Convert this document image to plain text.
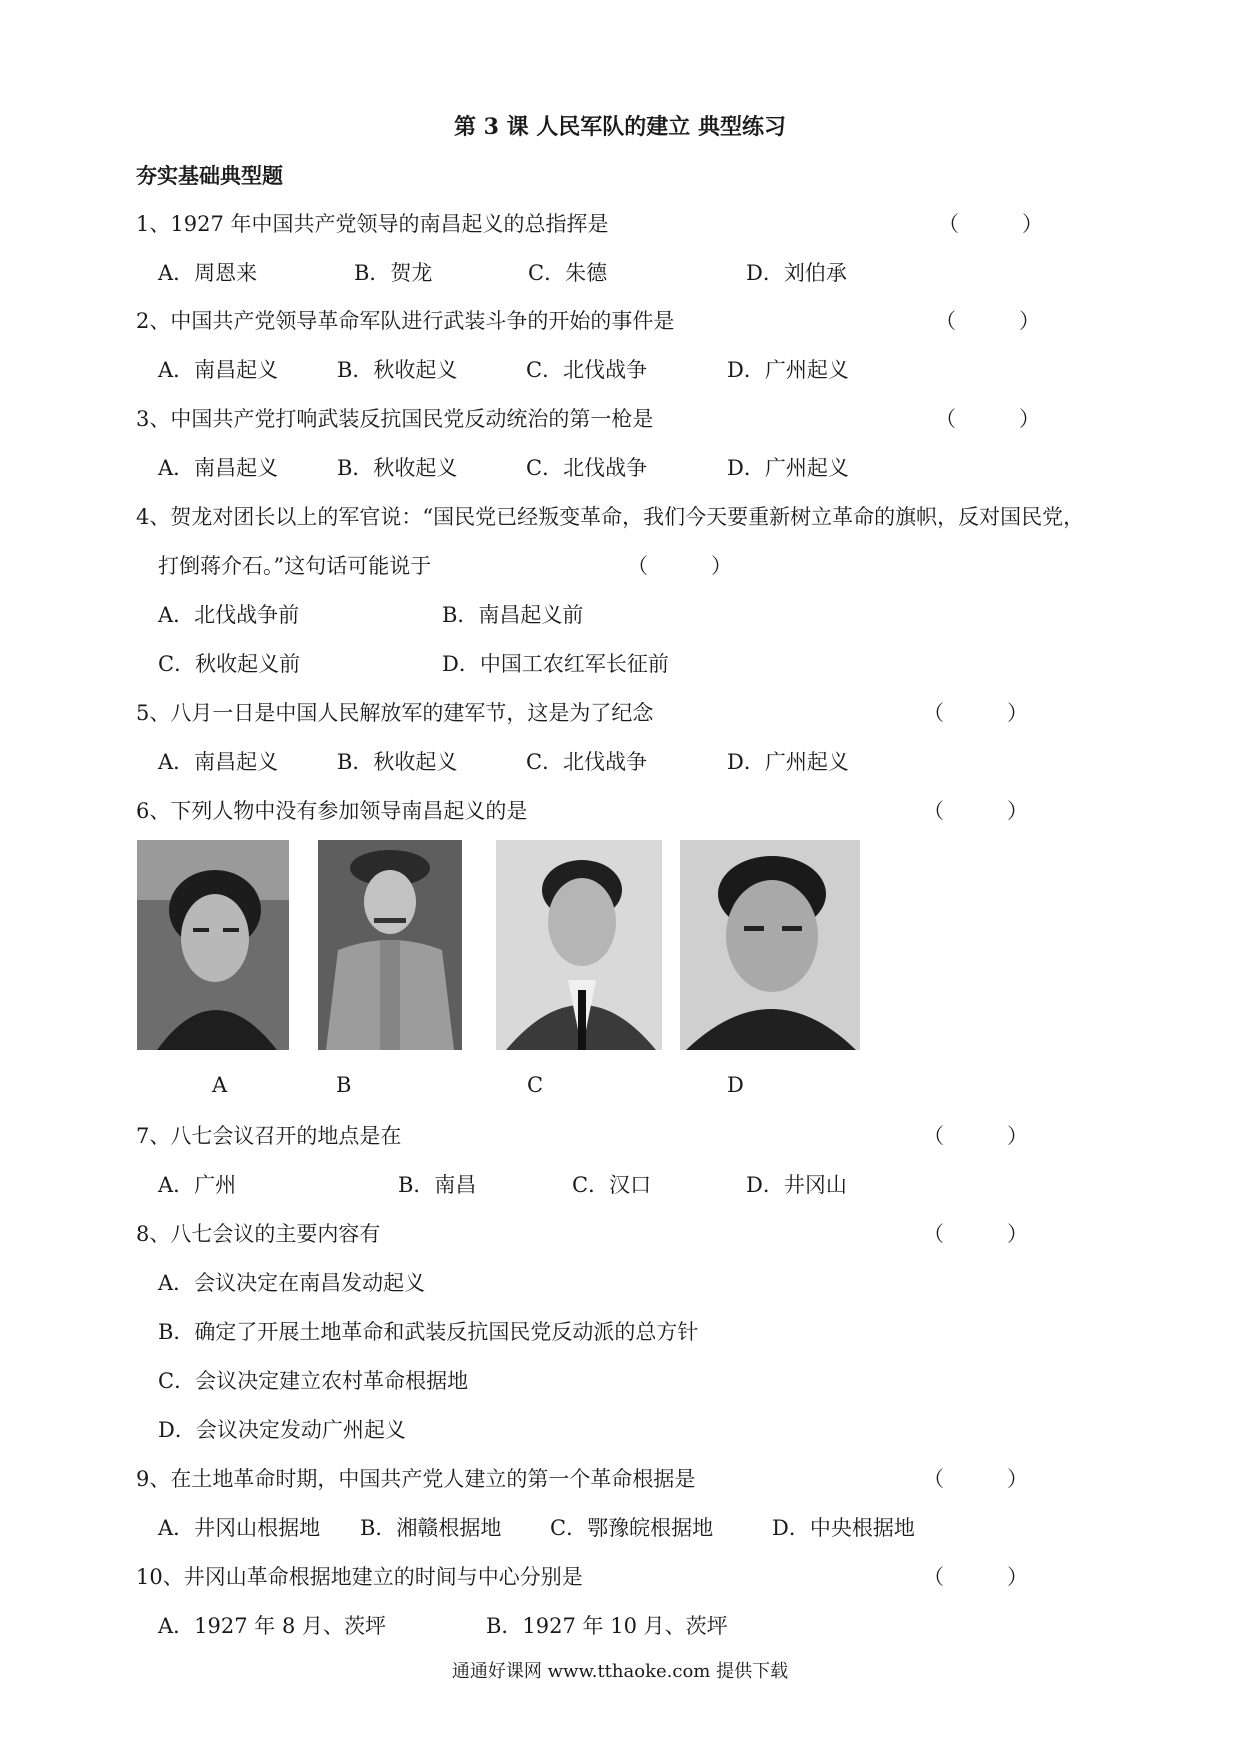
第 3 课 人民军队的建立 典型练习
夯实基础典型题
1、1927 年中国共产党领导的南昌起义的总指挥是	（　　　）
A．周恩来	B．贺龙	C．朱德	D．刘伯承
2、中国共产党领导革命军队进行武装斗争的开始的事件是	（　　　）
A．南昌起义	B．秋收起义	C．北伐战争	D．广州起义
3、中国共产党打响武装反抗国民党反动统治的第一枪是	（　　　）
A．南昌起义	B．秋收起义	C．北伐战争	D．广州起义
4、贺龙对团长以上的军官说：“国民党已经叛变革命，我们今天要重新树立革命的旗帜，反对国民党，
打倒蒋介石。”这句话可能说于	（　　　）
A．北伐战争前	B．南昌起义前
C．秋收起义前	D．中国工农红军长征前
5、八月一日是中国人民解放军的建军节，这是为了纪念	（　　　）
A．南昌起义	B．秋收起义	C．北伐战争	D．广州起义
6、下列人物中没有参加领导南昌起义的是	（　　　）
A	B	C	D
7、八七会议召开的地点是在	（　　　）
A．广州	B．南昌	C．汉口	D．井冈山
8、八七会议的主要内容有	（　　　）
A．会议决定在南昌发动起义
B．确定了开展土地革命和武装反抗国民党反动派的总方针
C．会议决定建立农村革命根据地
D．会议决定发动广州起义
9、在土地革命时期，中国共产党人建立的第一个革命根据是	（　　　）
A．井冈山根据地 B．湘赣根据地 C．鄂豫皖根据地	D．中央根据地
10、井冈山革命根据地建立的时间与中心分别是	（　　　）
A．1927 年 8 月、茨坪	B．1927 年 10 月、茨坪
通通好课网 www.tthaoke.com 提供下载
